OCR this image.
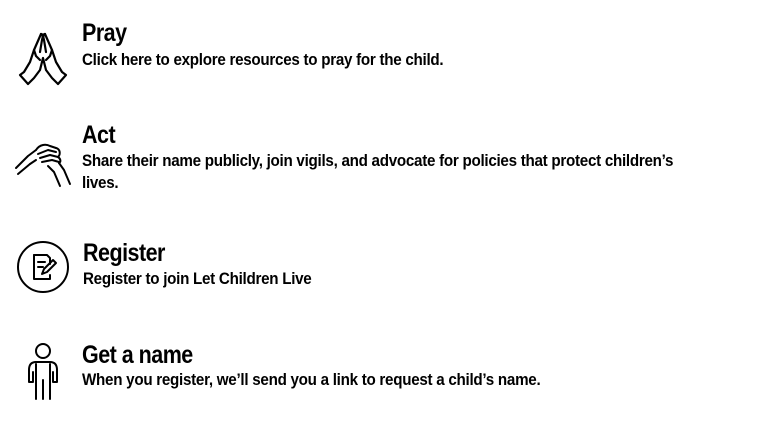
Pray
Click here to explore resources to pray for the child.
Act
Share their name publicly, join vigils, and advocate for policies that protect children’s lives.
Register
Register to join Let Children Live
Get a name
When you register, we’ll send you a link to request a child’s name.
